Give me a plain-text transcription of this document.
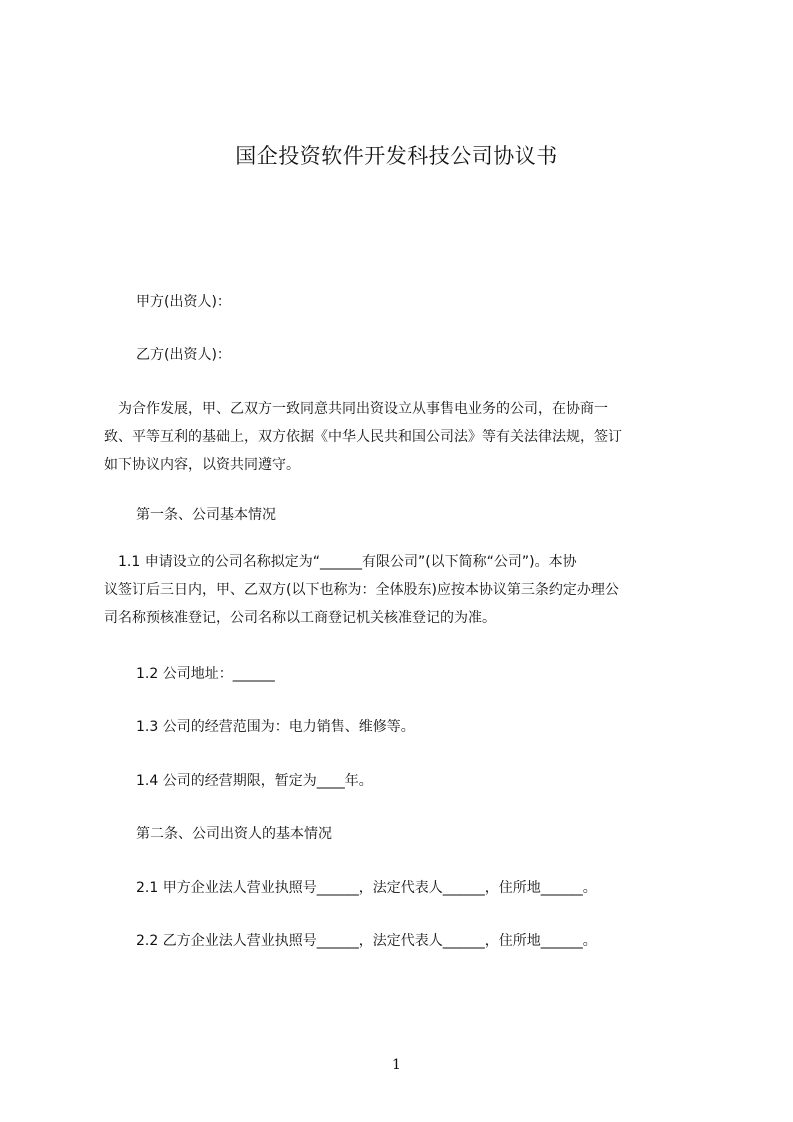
国企投资软件开发科技公司协议书
甲方(出资人)：
乙方(出资人)：
　为合作发展，甲、乙双方一致同意共同出资设立从事售电业务的公司，在协商一
致、平等互利的基础上，双方依据《中华人民共和国公司法》等有关法律法规，签订
如下协议内容，以资共同遵守。
第一条、公司基本情况
　1.1 申请设立的公司名称拟定为“______有限公司”(以下简称“公司”)。本协
议签订后三日内，甲、乙双方(以下也称为：全体股东)应按本协议第三条约定办理公
司名称预核准登记，公司名称以工商登记机关核准登记的为准。
1.2 公司地址：______
1.3 公司的经营范围为：电力销售、维修等。
1.4 公司的经营期限，暂定为____年。
第二条、公司出资人的基本情况
2.1 甲方企业法人营业执照号______，法定代表人______，住所地______。
2.2 乙方企业法人营业执照号______，法定代表人______，住所地______。
1
